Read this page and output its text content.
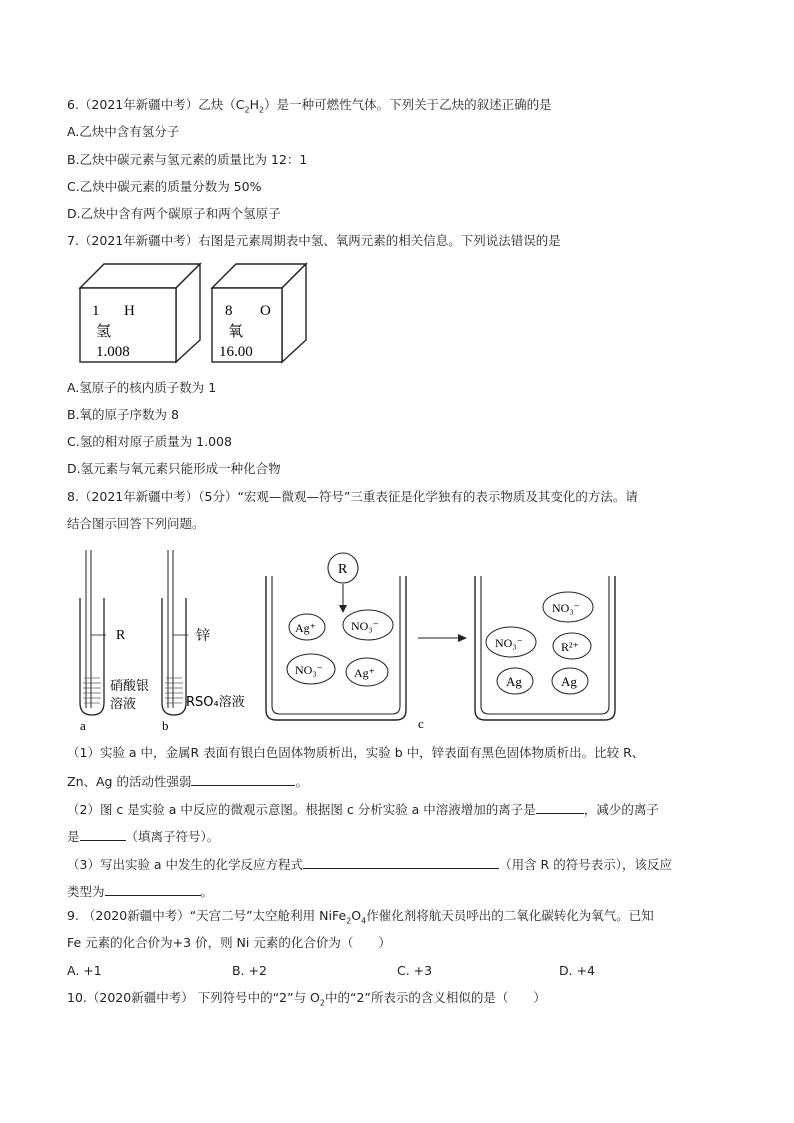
6.（2021年新疆中考）乙炔$(C_2H_2)$是一种可燃性气体。下列关于乙炔的叙述正确的是
A.乙炔中含有氢分子
B.乙炔中碳元素与氢元素的质量比为 12：1
C.乙炔中碳元素的质量分数为 50%
D.乙炔中含有两个碳原子和两个氢原子
7.（2021年新疆中考）右图是元素周期表中氢、氧两元素的相关信息。下列说法错误的是
1 H
氢
1.008
8 O
氧
16.00
A.氢原子的核内质子数为 1
B.氧的原子序数为 8
C.氢的相对原子质量为 1.008
D.氢元素与氧元素只能形成一种化合物
8.（2021年新疆中考）（5分）“宏观—微观—符号”三重表征是化学独有的表示物质及其变化的方法。请
结合图示回答下列问题。
R
硝酸银
溶液
a
锌
RSO₄溶液
b
R
Ag⁺	NO₃⁻
NO₃⁻	Ag⁺
NO₃⁻
NO₃⁻	R²⁺
Ag	Ag
c
（1）实验 a 中，金属R 表面有银白色固体物质析出，实验 b 中，锌表面有黑色固体物质析出。比较 R、
Zn、Ag 的活动性强弱	。
（2）图 c 是实验 a 中反应的微观示意图。根据图 c 分析实验 a 中溶液增加的离子是	，减少的离子
是	（填离子符号）。
（3）写出实验 a 中发生的化学反应方程式	（用含 R 的符号表示），该反应
类型为	。
9. （2020新疆中考）“天宫二号”太空舱利用 $NiFe_2O_4$作催化剂将航天员呼出的二氧化碳转化为氧气。已知
Fe 元素的化合价为+3 价，则 Ni 元素的化合价为（　　）
A. +1	B. +2	C. +3	D. +4
10.（2020新疆中考） 下列符号中的“2”与 $O_2$中的“2”所表示的含义相似的是（　　）
